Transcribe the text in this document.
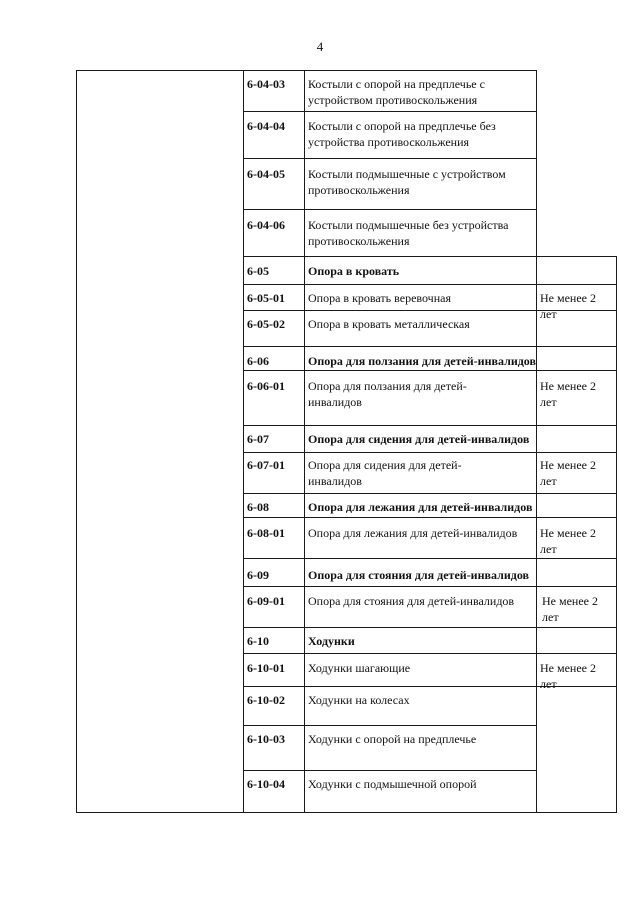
4
6-04-03
6-04-04
6-04-05
6-04-06
6-05
6-05-01
6-05-02
6-06
6-06-01
6-07
6-07-01
6-08
6-08-01
6-09
6-09-01
6-10
6-10-01
6-10-02
6-10-03
6-10-04
Костыли с опорой на предплечье с устройством противоскольжения
Костыли с опорой на предплечье без устройства противоскольжения
Костыли подмышечные с устройством противоскольжения
Костыли подмышечные без устройства противоскольжения
Опора в кровать
Опора в кровать веревочная
Опора в кровать металлическая
Опора для ползания для детей-инвалидов
Опора для ползания для детей-инвалидов
Опора для сидения для детей-инвалидов
Опора для сидения для детей-инвалидов
Опора для лежания для детей-инвалидов
Опора для лежания для детей-инвалидов
Опора для стояния для детей-инвалидов
Опора для стояния для детей-инвалидов
Ходунки
Ходунки шагающие
Ходунки на колесах
Ходунки с опорой на предплечье
Ходунки с подмышечной опорой
Не менее 2 лет
Не менее 2 лет
Не менее 2 лет
Не менее 2 лет
Не менее 2 лет
Не менее 2 лет
